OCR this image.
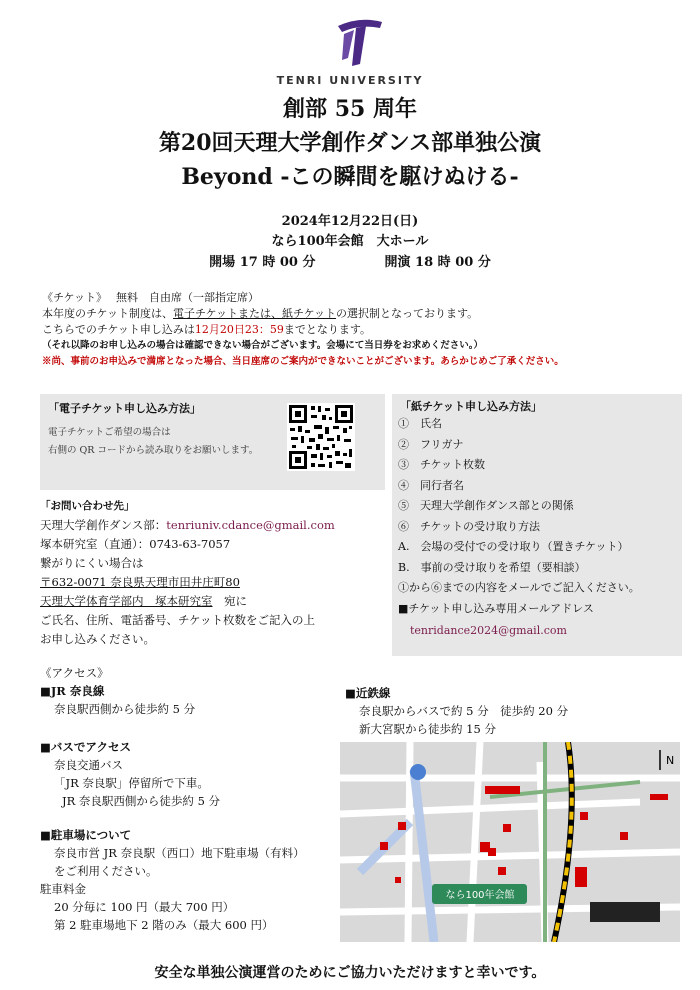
TENRI UNIVERSITY
創部 55 周年
第20回天理大学創作ダンス部単独公演
Beyond -この瞬間を駆けぬける-
2024年12月22日(日)
なら100年会館　大ホール
開場 17 時 00 分	開演 18 時 00 分
《チケット》　 無料　自由席（一部指定席）
本年度のチケット制度は、電子チケットまたは、紙チケットの選択制となっております。
こちらでのチケット申し込みは12月20日23：59までとなります。
（それ以降のお申し込みの場合は確認できない場合がございます。会場にて当日券をお求めください。）
※尚、事前のお申込みで満席となった場合、当日座席のご案内ができないことがございます。あらかじめご了承ください。
「電子チケット申し込み方法」
電子チケットご希望の場合は
右側の QR コードから読み取りをお願いします。
「お問い合わせ先」
天理大学創作ダンス部：tenriuniv.cdance@gmail.com
塚本研究室（直通）：0743-63-7057
繋がりにくい場合は
〒632-0071 奈良県天理市田井庄町80
天理大学体育学部内　塚本研究室　宛に
ご氏名、住所、電話番号、チケット枚数をご記入の上
お申し込みください。
「紙チケット申し込み方法」
①　氏名
②　フリガナ
③　チケット枚数
④　同行者名
⑤　天理大学創作ダンス部との関係
⑥　チケットの受け取り方法
A.　会場の受付での受け取り（置きチケット）
B.　事前の受け取りを希望（要相談）
①から⑥までの内容をメールでご記入ください。
■チケット申し込み専用メールアドレス
tenridance2024@gmail.com
《アクセス》
■JR 奈良線
奈良駅西側から徒歩約 5 分
■バスでアクセス
奈良交通バス
「JR 奈良駅」停留所で下車。
JR 奈良駅西側から徒歩約 5 分
■駐車場について
奈良市営 JR 奈良駅（西口）地下駐車場（有料）
をご利用ください。
駐車料金
20 分毎に 100 円（最大 700 円）
第 2 駐車場地下 2 階のみ（最大 600 円）
■近鉄線
奈良駅からバスで約 5 分　徒歩約 20 分
新大宮駅から徒歩約 15 分
なら100年会館
N
安全な単独公演運営のためにご協力いただけますと幸いです。
